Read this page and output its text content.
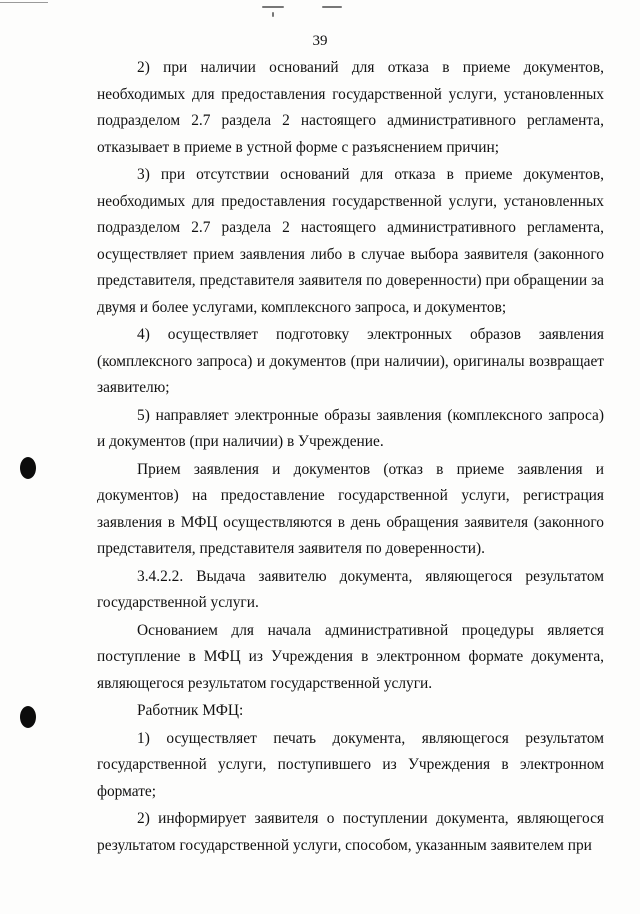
39

2) при наличии оснований для отказа в приеме документов, необходимых для предоставления государственной услуги, установленных подразделом 2.7 раздела 2 настоящего административного регламента, отказывает в приеме в устной форме с разъяснением причин;

3) при отсутствии оснований для отказа в приеме документов, необходимых для предоставления государственной услуги, установленных подразделом 2.7 раздела 2 настоящего административного регламента, осуществляет прием заявления либо в случае выбора заявителя (законного представителя, представителя заявителя по доверенности) при обращении за двумя и более услугами, комплексного запроса, и документов;

4) осуществляет подготовку электронных образов заявления (комплексного запроса) и документов (при наличии), оригиналы возвращает заявителю;

5) направляет электронные образы заявления (комплексного запроса) и документов (при наличии) в Учреждение.

Прием заявления и документов (отказ в приеме заявления и документов) на предоставление государственной услуги, регистрация заявления в МФЦ осуществляются в день обращения заявителя (законного представителя, представителя заявителя по доверенности).

3.4.2.2. Выдача заявителю документа, являющегося результатом государственной услуги.

Основанием для начала административной процедуры является поступление в МФЦ из Учреждения в электронном формате документа, являющегося результатом государственной услуги.

Работник МФЦ:

1) осуществляет печать документа, являющегося результатом государственной услуги, поступившего из Учреждения в электронном формате;

2) информирует заявителя о поступлении документа, являющегося результатом государственной услуги, способом, указанным заявителем при
